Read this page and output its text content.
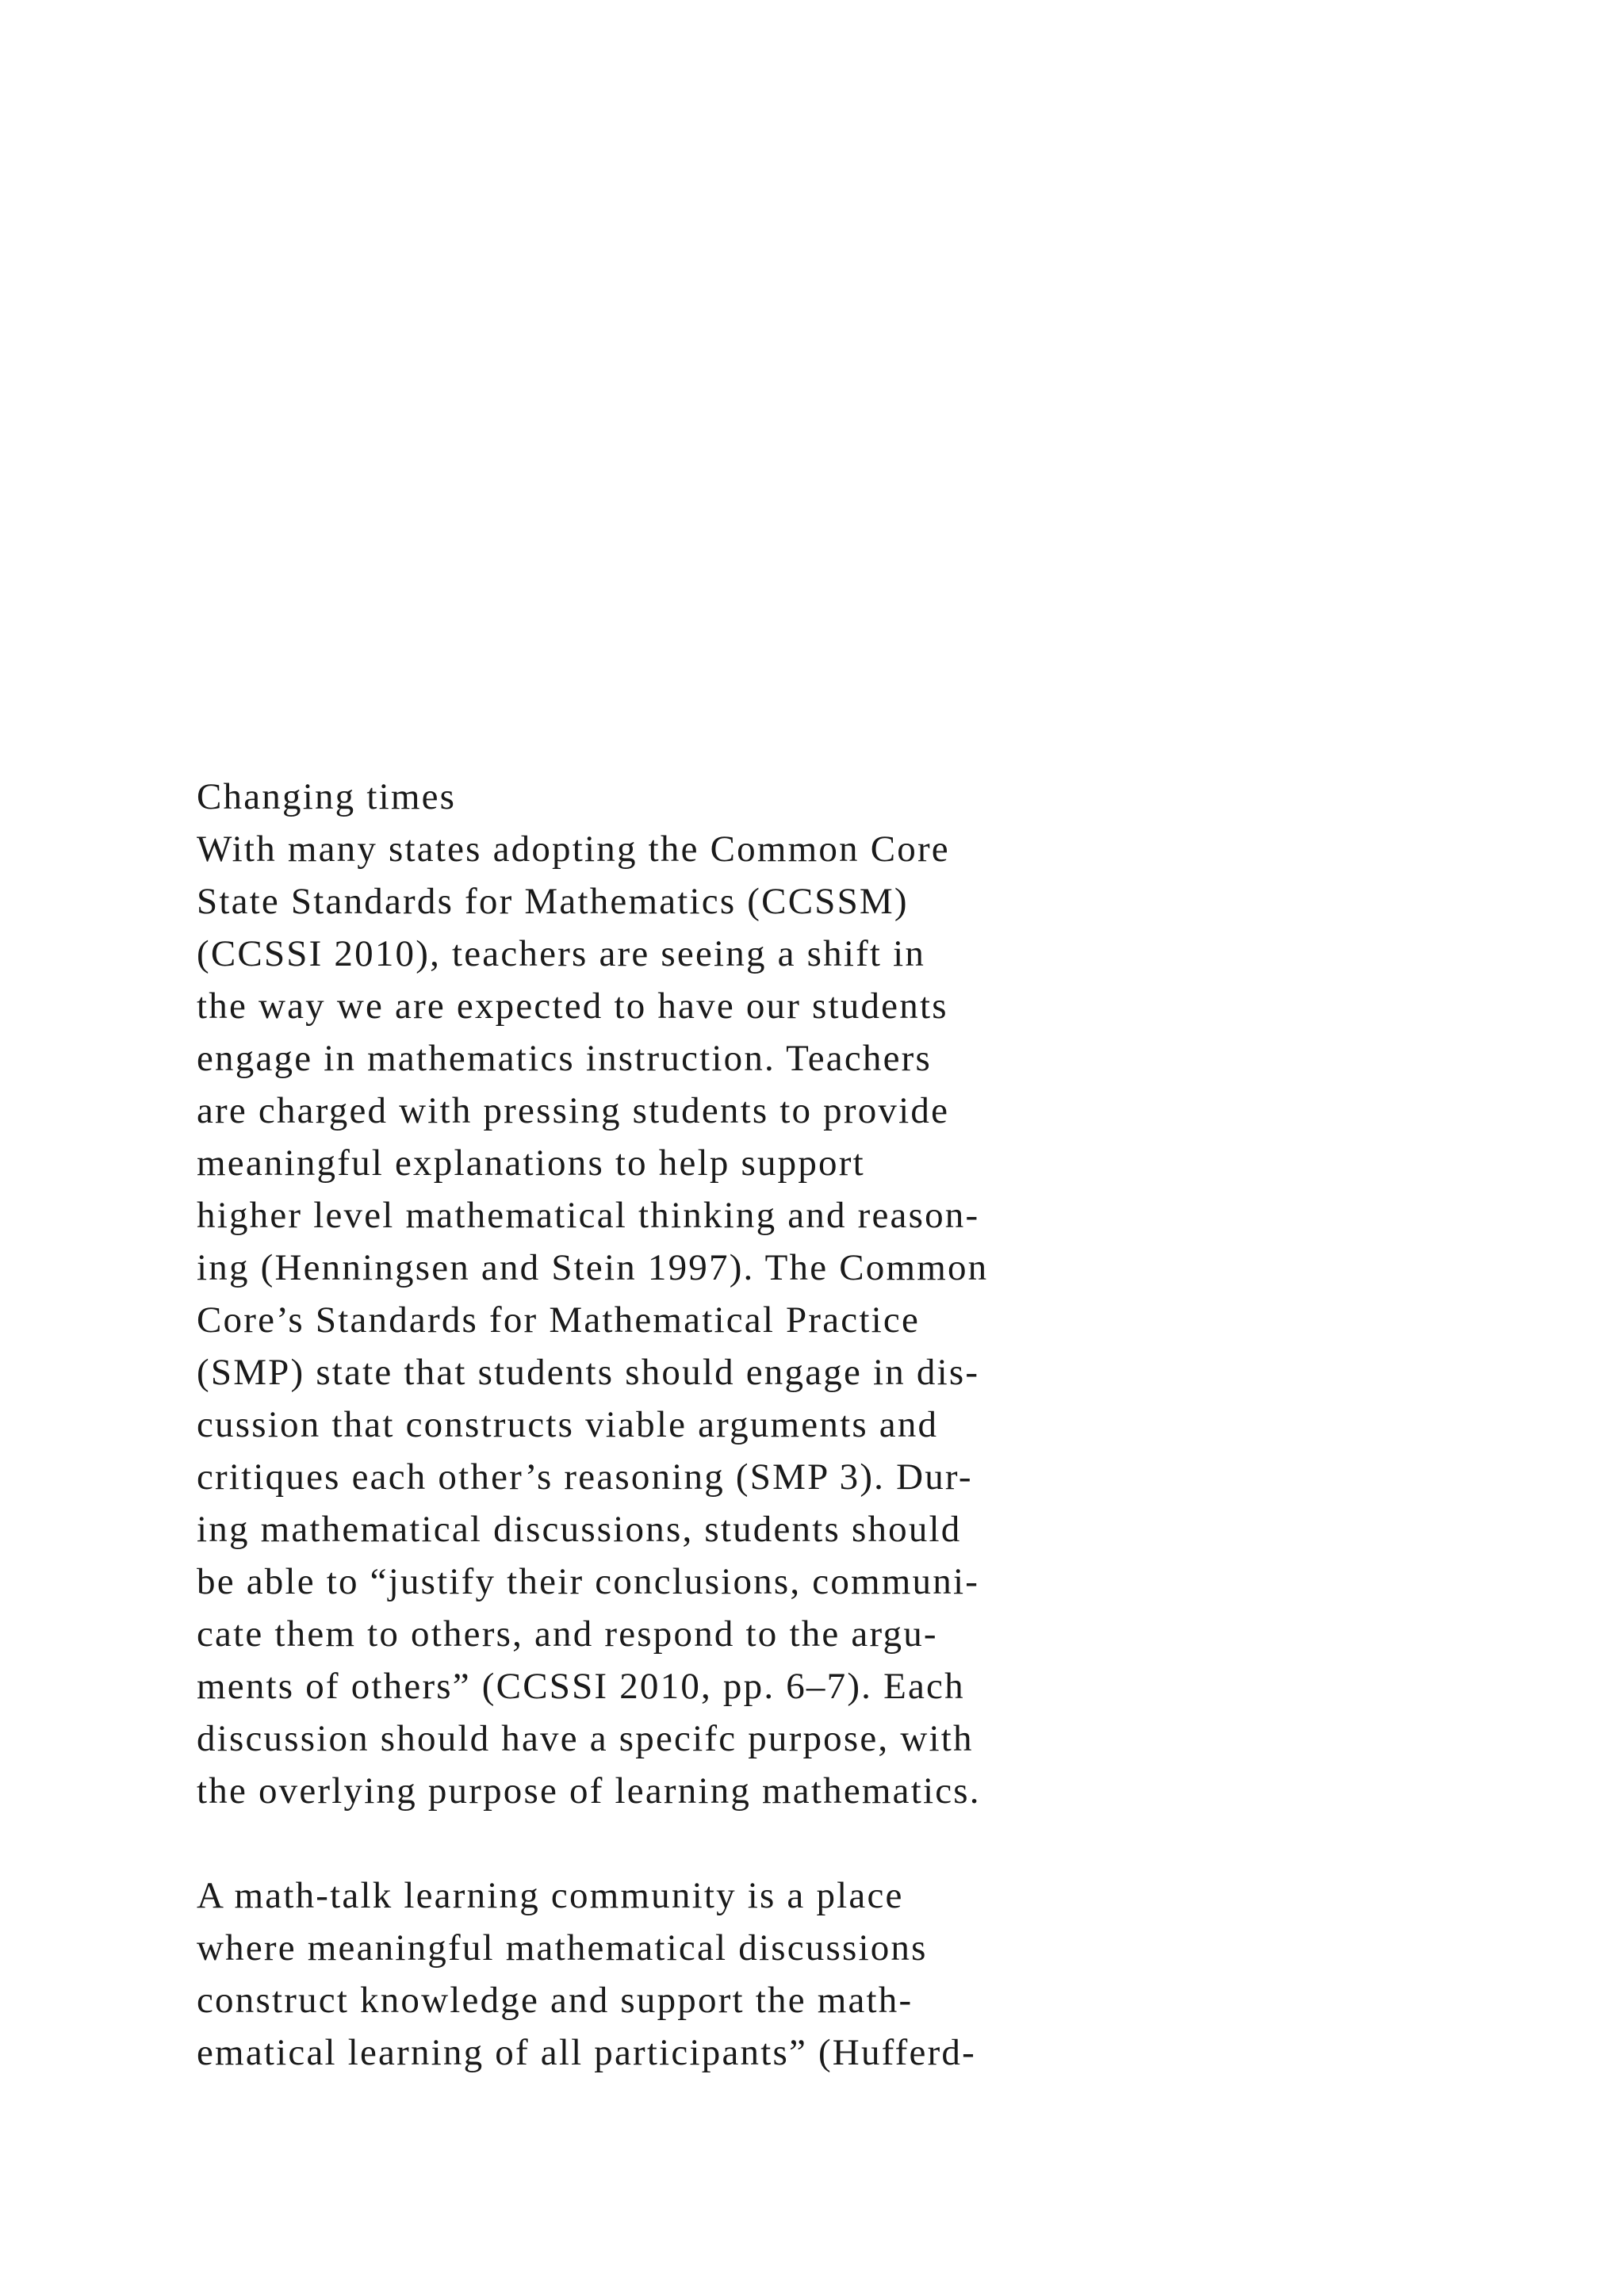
Changing times
With many states adopting the Common Core
State Standards for Mathematics (CCSSM)
(CCSSI 2010), teachers are seeing a shift in
the way we are expected to have our students
engage in mathematics instruction. Teachers
are charged with pressing students to provide
meaningful explanations to help support
higher level mathematical thinking and reason-
ing (Henningsen and Stein 1997). The Common
Core’s Standards for Mathematical Practice
(SMP) state that students should engage in dis-
cussion that constructs viable arguments and
critiques each other’s reasoning (SMP 3). Dur-
ing mathematical discussions, students should
be able to “justify their conclusions, communi-
cate them to others, and respond to the argu-
ments of others” (CCSSI 2010, pp. 6–7). Each
discussion should have a specifc purpose, with
the overlying purpose of learning mathematics.
A math-talk learning community is a place
where meaningful mathematical discussions
construct knowledge and support the math-
ematical learning of all participants” (Hufferd-
